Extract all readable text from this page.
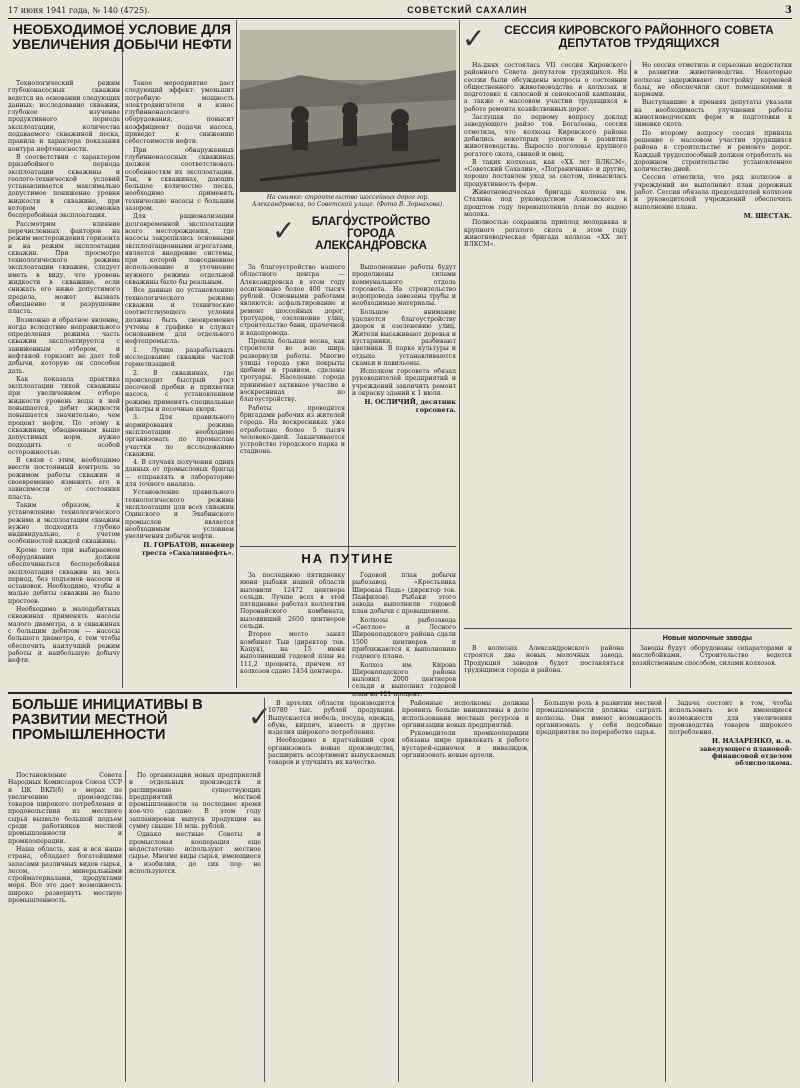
17 июня 1941 года, № 140 (4725).	СОВЕТСКИЙ САХАЛИН	3
НЕОБХОДИМОЕ УСЛОВИЕ ДЛЯ УВЕЛИЧЕНИЯ ДОБЫЧИ НЕФТИ

Технологический режим глубоконасосных скважин ведется на основании следующих данных: исследование скважин, глубокое изучение продуктивного периода эксплоатации, количества подаваемого скважиной песка, правила и характера показания контура нефтеносности.

В соответствии с характером призабойного периода эксплоатации скважины и геолого-технической условий устанавливается максимально допустимое понижение уровня жидкости в скважине, при котором возможна бесперебойная эксплоатация.

Рассмотрим влияние перечисленных факторов на режим месторождения горизонта и на режим эксплоатации скважин. При просмотре технологического режима эксплоатации скважин, следует иметь в виду, что уровень жидкости в скважине, если снижать его ниже допустимого предела, может вызвать обводнение и разрушение пласта.

Возможно и обратное явление, когда вследствие неправильного определения режима часть скважин эксплоатируется с заниженным отбором, и нефтяной горизонт не дает той добычи, которую он способен дать.

Как показала практика эксплоатации тихой скважины при увеличенном отборе жидкости уровень воды в ней повышается, дебит жидкости повышается значительно, чем процент нефти. По этому к скважинам, обводненным выше допустимых норм, нужно подходить с особой осторожностью.

В связи с этим, необходимо ввести постоянный контроль за режимом работы скважин и своевременно изменять его в зависимости от состояния пласта.

Таким образом, к установлению технологического режима и эксплоатации скважин нужно подходить глубоко индивидуально, с учетом особенностей каждой скважины.

Кроме того при выбираемом оборудовании должен обеспечиваться бесперебойная эксплоатация скважин на весь период, без подъемов насосов и остановок. Необходимо, чтобы в малые дебиты скважин не было простоев.

Необходимо в малодебитных скважинах применять насосы малого диаметра, а в скважинах с большим дебитом — насосы большого диаметра, с тем чтобы обеспечить наилучший режим работы и наибольшую добычу нефти.

Такое мероприятие дает следующий эффект: уменьшит потребную мощность электродвигателя и износ глубиннонасосного оборудования, повысит коэффициент подачи насоса, приведет к снижению себестоимости нефти.

При обнаруженных глубиннонасосных скважинах должен соответствовать особенностям их эксплоатации. Так, в скважинах, дающих большое количество песка, необходимо применять технические насосы с большим зазором.

Для рационализации долговременной эксплоатации всего месторождения, где насосы закрепились основными эксплоатационными агрегатами, является внедрение системы, при которой повседневное использование и уточнение нужного режима отдельной скважины было бы реальным.

Все данные по установлению технологического режима скважин и технические соответствующего условия должны быть своевременно учтены в графике и служат основанием для отдельного нефтепромысла.

1. Лучше разрабатывать исследование скважин частой герметизацией.

2. В скважинах, где происходит быстрый рост песочной пробки и прихватки насоса, с установлением режима применять специальные фильтры и песочные якоря.

3. Для правильного нормирования режима эксплоатации необходимо организовать по промыслам участки по исследованию скважин.

4. В случаях получения одних данных от промысловых бригад — отправлять в лабораторию для точного анализа.

Установление правильного технологического режима эксплоатации для всех скважин Охинского и Эхабинского промыслов является необходимым условием увеличения добычи нефти.

П. ГОРБАТОВ, инженер треста «Сахалиннефть».
На снимке: строительство шоссейных дорог гор. Александровска, по Советской улице. (Фото В. Зорнахова).
✓	БЛАГОУСТРОЙСТВО ГОРОДА АЛЕКСАНДРОВСКА

За благоустройство нашего областного центра — Александровска в этом году ассигновано более 400 тысяч рублей. Основными работами являются: асфальтирование и ремонт шоссейных дорог, тротуаров, озеленение улиц, строительство бани, прачечной и водопровода.

Прошла большая весна, как строители во всю ширь развернули работы. Многие улицы города уже покрыты щебнем и гравием, сделаны тротуары. Население города принимает активное участие в воскресниках по благоустройству.

Работы проводятся бригадами рабочих из жителей города. На воскресниках уже отработано более 5 тысяч человеко-дней. Заканчивается устройство городского парка и стадиона.

Выполненные работы будут продолжены силами коммунального отдела горсовета. На строительство водопровода завезены трубы и необходимые материалы.

Большое внимание уделяется благоустройству дворов и озеленению улиц. Жители высаживают деревья и кустарники, разбивают цветники. В парке культуры и отдыха устанавливаются скамьи и павильоны.

Исполком горсовета обязал руководителей предприятий и учреждений закончить ремонт и окраску зданий к 1 июля.

Н. ОСЛИЧИЙ, десятник горсовета.
НА ПУТИНЕ

За последнюю пятидневку июня рыбаки нашей области выловили 12472 центнера сельди. Лучше всех в этой пятидневке работал коллектив Поронайского комбината, выловивший 2650 центнеров сельди.

Второе место занял комбинат Тыв (директор тов. Кацук), на 15 июня выполнивший годовой план на 111,2 процента, причем от колхозов сдано 1454 центнера.

Годовой план добычи рыбозавод «Крестьянка Широкая Падь» (директор тов. Панфилов). Рыбаки этого завода выполнили годовой план добычи с превышением.

Колхозы рыбозавода «Светлое» и Лесного Широкопадского района сдали 1500 центнеров и приближаются к выполнению годового плана.

Колхоз им. Кирова Широкопадского района выловил 2000 центнеров сельди и выполнил годовой план на 121 процент.

✓	СЕССИЯ КИРОВСКОГО РАЙОННОГО СОВЕТА ДЕПУТАТОВ ТРУДЯЩИХСЯ

На-днях состоялась VII сессия Кировского районного Совета депутатов трудящихся. На сессии были обсуждены вопросы о состоянии общественного животноводства в колхозах и подготовке к силосной и сенокосной кампании, а также о массовом участии трудящихся в работе ремонта хозяйственных дорог.

Заслушав по первому вопросу доклад заведующего райзо тов. Богатеева, сессия отметила, что колхозы Кировского района добились некоторых успехов в развитии животноводства. Выросло поголовье крупного рогатого скота, свиней и овец.

В таких колхозах, как «XX лет ВЛКСМ», «Советский Сахалин», «Пограничник» и другие, хорошо поставлен уход за скотом, повысилась продуктивность ферм.

Животноводческая бригада колхоза им. Сталина под руководством Азизовского в прошлом году перевыполнила план по надою молока.

Полностью сохранила приплод молодняка и крупного рогатого скота в этом году животноводческая бригада колхоза «XX лет ВЛКСМ».

Но сессия отметила и серьезные недостатки в развитии животноводства. Некоторые колхозы задерживают постройку кормовой базы, не обеспечили скот помещениями и кормами.

Выступавшие в прениях депутаты указали на необходимость улучшения работы животноводческих ферм и подготовки к зимовке скота.

По второму вопросу сессия приняла решение о массовом участии трудящихся района в строительстве и ремонте дорог. Каждый трудоспособный должен отработать на дорожном строительстве установленное количество дней.

Сессия отметила, что ряд колхозов и учреждений не выполняют план дорожных работ. Сессия обязала председателей колхозов и руководителей учреждений обеспечить выполнение плана.

М. ШЕСТАК.
Новые молочные заводы

В колхозах Александровского района строятся два новых молочных завода. Продукция заводов будет поставляться трудящимся города и района.

Заводы будут оборудованы сепараторами и маслобойками. Строительство ведется хозяйственным способом, силами колхозов.

БОЛЬШЕ ИНИЦИАТИВЫ В РАЗВИТИИ МЕСТНОЙ ПРОМЫШЛЕННОСТИ
✓

Постановление Совета Народных Комиссаров Союза ССР и ЦК ВКП(б) о мерах по увеличению производства товаров широкого потребления и продовольствия из местного сырья вызвало большой подъем среди работников местной промышленности и промкооперации.

Наша область, как и вся наша страна, обладает богатейшими запасами различных видов сырья, лесом, минеральными стройматериалами, продуктами моря. Все это дает возможность широко развернуть местную промышленность.

По организации новых предприятий и отдельных производств и расширению существующих предприятий местной промышленности за последнее время кое-что сделано. В этом году запланирован выпуск продукции на сумму свыше 10 млн. рублей.

Однако местные Советы и промысловая кооперация еще недостаточно используют местное сырье. Многие виды сырья, имеющиеся в изобилии, до сих пор не используются.

В артелях области производится 10780 тыс. рублей продукции. Выпускается мебель, посуда, одежда, обувь, кирпич, известь и другие изделия широкого потребления.

Необходимо в кратчайший срок организовать новые производства, расширить ассортимент выпускаемых товаров и улучшить их качество.

Районные исполкомы должны проявить больше инициативы в деле использования местных ресурсов и организации новых предприятий.

Руководители промкооперации обязаны шире привлекать к работе кустарей-одиночек и инвалидов, организовать новые артели.

Большую роль в развитии местной промышленности должны сыграть колхозы. Они имеют возможность организовать у себя подсобные предприятия по переработке сырья.

Задача состоит в том, чтобы использовать все имеющиеся возможности для увеличения производства товаров широкого потребления.

Н. НАЗАРЕНКО, и. о. заведующего плановой-финансовой отделом облисполкома.
